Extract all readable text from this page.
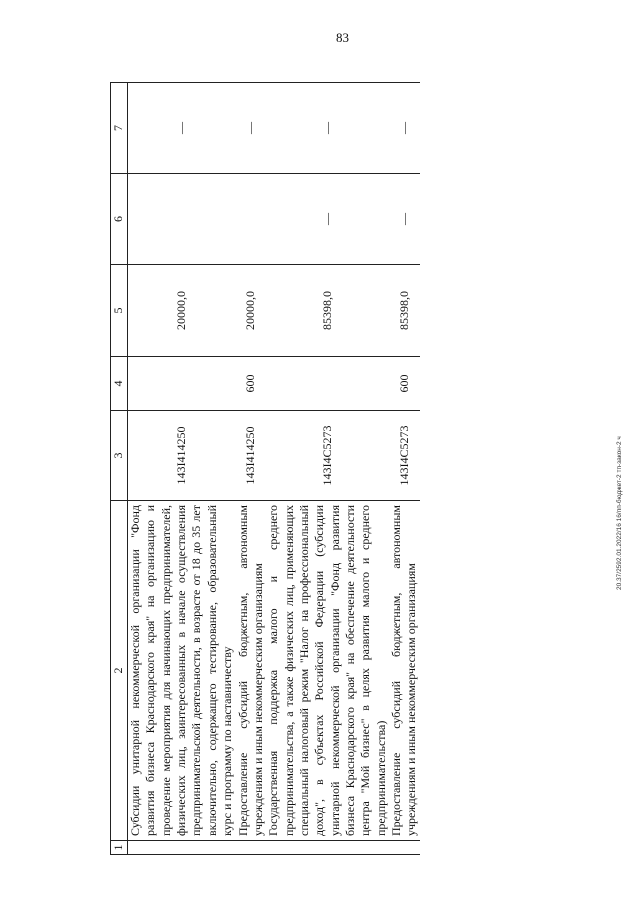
83
20.37/2592.01.2022/16 16/пп-бюджет-2 тп-закон-2 ч
1	2	3	4	5	6	7
	Субсидии унитарной некоммерческой организации "Фонд развития бизнеса Краснодарского края" на организацию и проведение мероприятия для начинающих предпринимателей, физических лиц, заинтересованных в начале осуществления предпринимательской деятельности, в возрасте от 18 до 35 лет включительно, содержащего тестирование, образовательный курс и программу по наставничеству	143I414250		20000,0		—
	Предоставление субсидий бюджетным, автономным учреждениям и иным некоммерческим организациям	143I414250	600	20000,0		—
	Государственная поддержка малого и среднего предпринимательства, а также физических лиц, применяющих специальный налоговый режим "Налог на профессиональный доход", в субъектах Российской Федерации (субсидии унитарной некоммерческой организации "Фонд развития бизнеса Краснодарского края" на обеспечение деятельности центра "Мой бизнес" в целях развития малого и среднего предпринимательства)	143I4C5273		85398,0	—	—
	Предоставление субсидий бюджетным, автономным учреждениям и иным некоммерческим организациям	143I4C5273	600	85398,0	—	—
